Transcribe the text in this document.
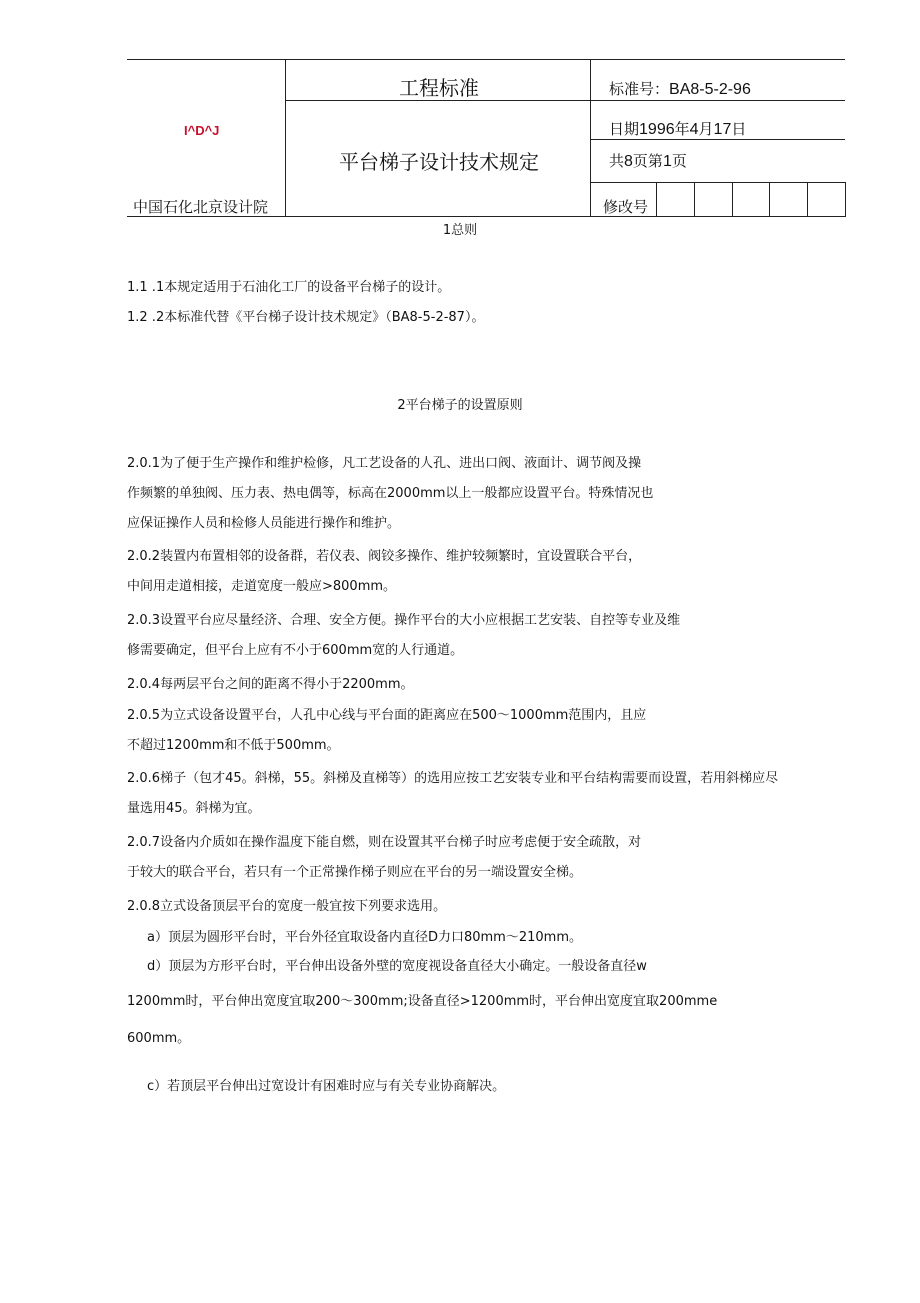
I^D^J
中国石化北京设计院
工程标准
平台梯子设计技术规定
标准号：BA8-5-2-96
日期1996年4月17日
共8页第1页
修改号
1总则
1.1 .1本规定适用于石油化工厂的设备平台梯子的设计。
1.2 .2本标准代替《平台梯子设计技术规定》（BA8-5-2-87）。
2平台梯子的设置原则
2.0.1为了便于生产操作和维护检修，凡工艺设备的人孔、进出口阀、液面计、调节阀及操
作频繁的单独阀、压力表、热电偶等，标高在2000mm以上一般都应设置平台。特殊情况也
应保证操作人员和检修人员能进行操作和维护。
2.0.2装置内布置相邻的设备群，若仪表、阀铰多操作、维护较频繁时，宜设置联合平台，
中间用走道相接，走道宽度一般应>800mm。
2.0.3设置平台应尽量经济、合理、安全方便。操作平台的大小应根据工艺安装、自控等专业及维
修需要确定，但平台上应有不小于600mm宽的人行通道。
2.0.4每两层平台之间的距离不得小于2200mm。
2.0.5为立式设备设置平台，人孔中心线与平台面的距离应在500〜1000mm范围内，且应
不超过1200mm和不低于500mm。
2.0.6梯子（包才45。斜梯，55。斜梯及直梯等）的选用应按工艺安装专业和平台结构需要而设置，若用斜梯应尽
量选用45。斜梯为宜。
2.0.7设备内介质如在操作温度下能自燃，则在设置其平台梯子时应考虑便于安全疏散，对
于较大的联合平台，若只有一个正常操作梯子则应在平台的另一端设置安全梯。
2.0.8立式设备顶层平台的宽度一般宜按下列要求选用。
a）顶层为圆形平台时，平台外径宜取设备内直径D力口80mm〜210mm。
d）顶层为方形平台时，平台伸出设备外壁的宽度视设备直径大小确定。一般设备直径w
1200mm时，平台伸出宽度宜取200〜300mm;设备直径>1200mm时，平台伸出宽度宜取200mme
600mm。
c）若顶层平台伸出过宽设计有困难时应与有关专业协商解决。
